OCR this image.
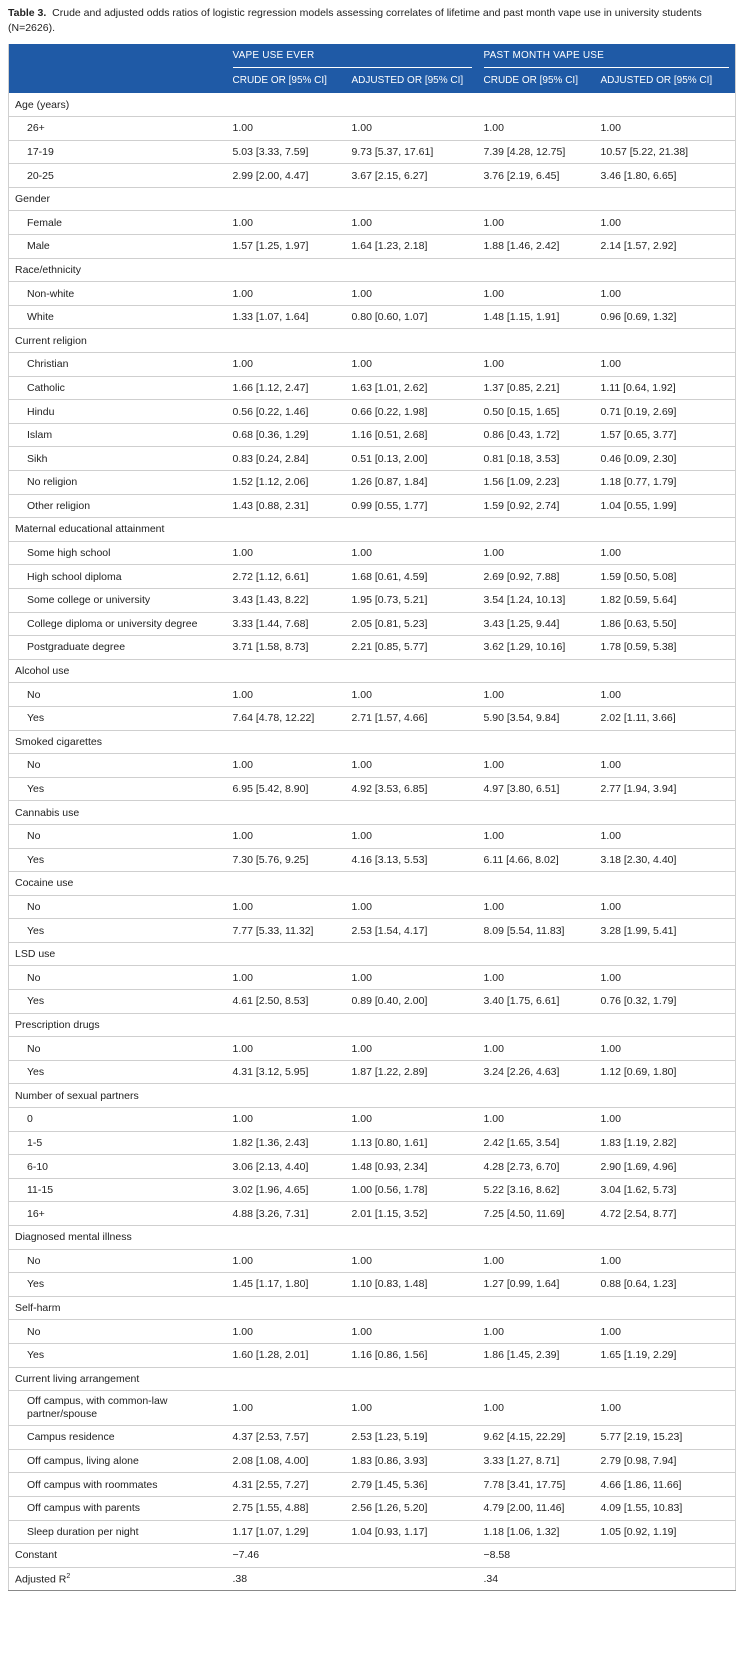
Table 3. Crude and adjusted odds ratios of logistic regression models assessing correlates of lifetime and past month vape use in university students (N=2626).

	VAPE USE EVER		PAST MONTH VAPE USE	

	CRUDE OR [95% CI]	ADJUSTED OR [95% CI]	CRUDE OR [95% CI]	ADJUSTED OR [95% CI]
Age (years)				
26+	1.00	1.00	1.00	1.00
17-19	5.03 [3.33, 7.59]	9.73 [5.37, 17.61]	7.39 [4.28, 12.75]	10.57 [5.22, 21.38]
20-25	2.99 [2.00, 4.47]	3.67 [2.15, 6.27]	3.76 [2.19, 6.45]	3.46 [1.80, 6.65]
Gender				
Female	1.00	1.00	1.00	1.00
Male	1.57 [1.25, 1.97]	1.64 [1.23, 2.18]	1.88 [1.46, 2.42]	2.14 [1.57, 2.92]
Race/ethnicity				
Non-white	1.00	1.00	1.00	1.00
White	1.33 [1.07, 1.64]	0.80 [0.60, 1.07]	1.48 [1.15, 1.91]	0.96 [0.69, 1.32]
Current religion				
Christian	1.00	1.00	1.00	1.00
Catholic	1.66 [1.12, 2.47]	1.63 [1.01, 2.62]	1.37 [0.85, 2.21]	1.11 [0.64, 1.92]
Hindu	0.56 [0.22, 1.46]	0.66 [0.22, 1.98]	0.50 [0.15, 1.65]	0.71 [0.19, 2.69]
Islam	0.68 [0.36, 1.29]	1.16 [0.51, 2.68]	0.86 [0.43, 1.72]	1.57 [0.65, 3.77]
Sikh	0.83 [0.24, 2.84]	0.51 [0.13, 2.00]	0.81 [0.18, 3.53]	0.46 [0.09, 2.30]
No religion	1.52 [1.12, 2.06]	1.26 [0.87, 1.84]	1.56 [1.09, 2.23]	1.18 [0.77, 1.79]
Other religion	1.43 [0.88, 2.31]	0.99 [0.55, 1.77]	1.59 [0.92, 2.74]	1.04 [0.55, 1.99]
Maternal educational attainment				
Some high school	1.00	1.00	1.00	1.00
High school diploma	2.72 [1.12, 6.61]	1.68 [0.61, 4.59]	2.69 [0.92, 7.88]	1.59 [0.50, 5.08]
Some college or university	3.43 [1.43, 8.22]	1.95 [0.73, 5.21]	3.54 [1.24, 10.13]	1.82 [0.59, 5.64]
College diploma or university degree	3.33 [1.44, 7.68]	2.05 [0.81, 5.23]	3.43 [1.25, 9.44]	1.86 [0.63, 5.50]
Postgraduate degree	3.71 [1.58, 8.73]	2.21 [0.85, 5.77]	3.62 [1.29, 10.16]	1.78 [0.59, 5.38]
Alcohol use				
No	1.00	1.00	1.00	1.00
Yes	7.64 [4.78, 12.22]	2.71 [1.57, 4.66]	5.90 [3.54, 9.84]	2.02 [1.11, 3.66]
Smoked cigarettes				
No	1.00	1.00	1.00	1.00
Yes	6.95 [5.42, 8.90]	4.92 [3.53, 6.85]	4.97 [3.80, 6.51]	2.77 [1.94, 3.94]
Cannabis use				
No	1.00	1.00	1.00	1.00
Yes	7.30 [5.76, 9.25]	4.16 [3.13, 5.53]	6.11 [4.66, 8.02]	3.18 [2.30, 4.40]
Cocaine use				
No	1.00	1.00	1.00	1.00
Yes	7.77 [5.33, 11.32]	2.53 [1.54, 4.17]	8.09 [5.54, 11.83]	3.28 [1.99, 5.41]
LSD use				
No	1.00	1.00	1.00	1.00
Yes	4.61 [2.50, 8.53]	0.89 [0.40, 2.00]	3.40 [1.75, 6.61]	0.76 [0.32, 1.79]
Prescription drugs				
No	1.00	1.00	1.00	1.00
Yes	4.31 [3.12, 5.95]	1.87 [1.22, 2.89]	3.24 [2.26, 4.63]	1.12 [0.69, 1.80]
Number of sexual partners				
0	1.00	1.00	1.00	1.00
1-5	1.82 [1.36, 2.43]	1.13 [0.80, 1.61]	2.42 [1.65, 3.54]	1.83 [1.19, 2.82]
6-10	3.06 [2.13, 4.40]	1.48 [0.93, 2.34]	4.28 [2.73, 6.70]	2.90 [1.69, 4.96]
11-15	3.02 [1.96, 4.65]	1.00 [0.56, 1.78]	5.22 [3.16, 8.62]	3.04 [1.62, 5.73]
16+	4.88 [3.26, 7.31]	2.01 [1.15, 3.52]	7.25 [4.50, 11.69]	4.72 [2.54, 8.77]
Diagnosed mental illness				
No	1.00	1.00	1.00	1.00
Yes	1.45 [1.17, 1.80]	1.10 [0.83, 1.48]	1.27 [0.99, 1.64]	0.88 [0.64, 1.23]
Self-harm				
No	1.00	1.00	1.00	1.00
Yes	1.60 [1.28, 2.01]	1.16 [0.86, 1.56]	1.86 [1.45, 2.39]	1.65 [1.19, 2.29]
Current living arrangement				
Off campus, with common-law partner/spouse	1.00	1.00	1.00	1.00
Campus residence	4.37 [2.53, 7.57]	2.53 [1.23, 5.19]	9.62 [4.15, 22.29]	5.77 [2.19, 15.23]
Off campus, living alone	2.08 [1.08, 4.00]	1.83 [0.86, 3.93]	3.33 [1.27, 8.71]	2.79 [0.98, 7.94]
Off campus with roommates	4.31 [2.55, 7.27]	2.79 [1.45, 5.36]	7.78 [3.41, 17.75]	4.66 [1.86, 11.66]
Off campus with parents	2.75 [1.55, 4.88]	2.56 [1.26, 5.20]	4.79 [2.00, 11.46]	4.09 [1.55, 10.83]
Sleep duration per night	1.17 [1.07, 1.29]	1.04 [0.93, 1.17]	1.18 [1.06, 1.32]	1.05 [0.92, 1.19]
Constant	−7.46		−8.58	
Adjusted $R^2$	.38		.34	
